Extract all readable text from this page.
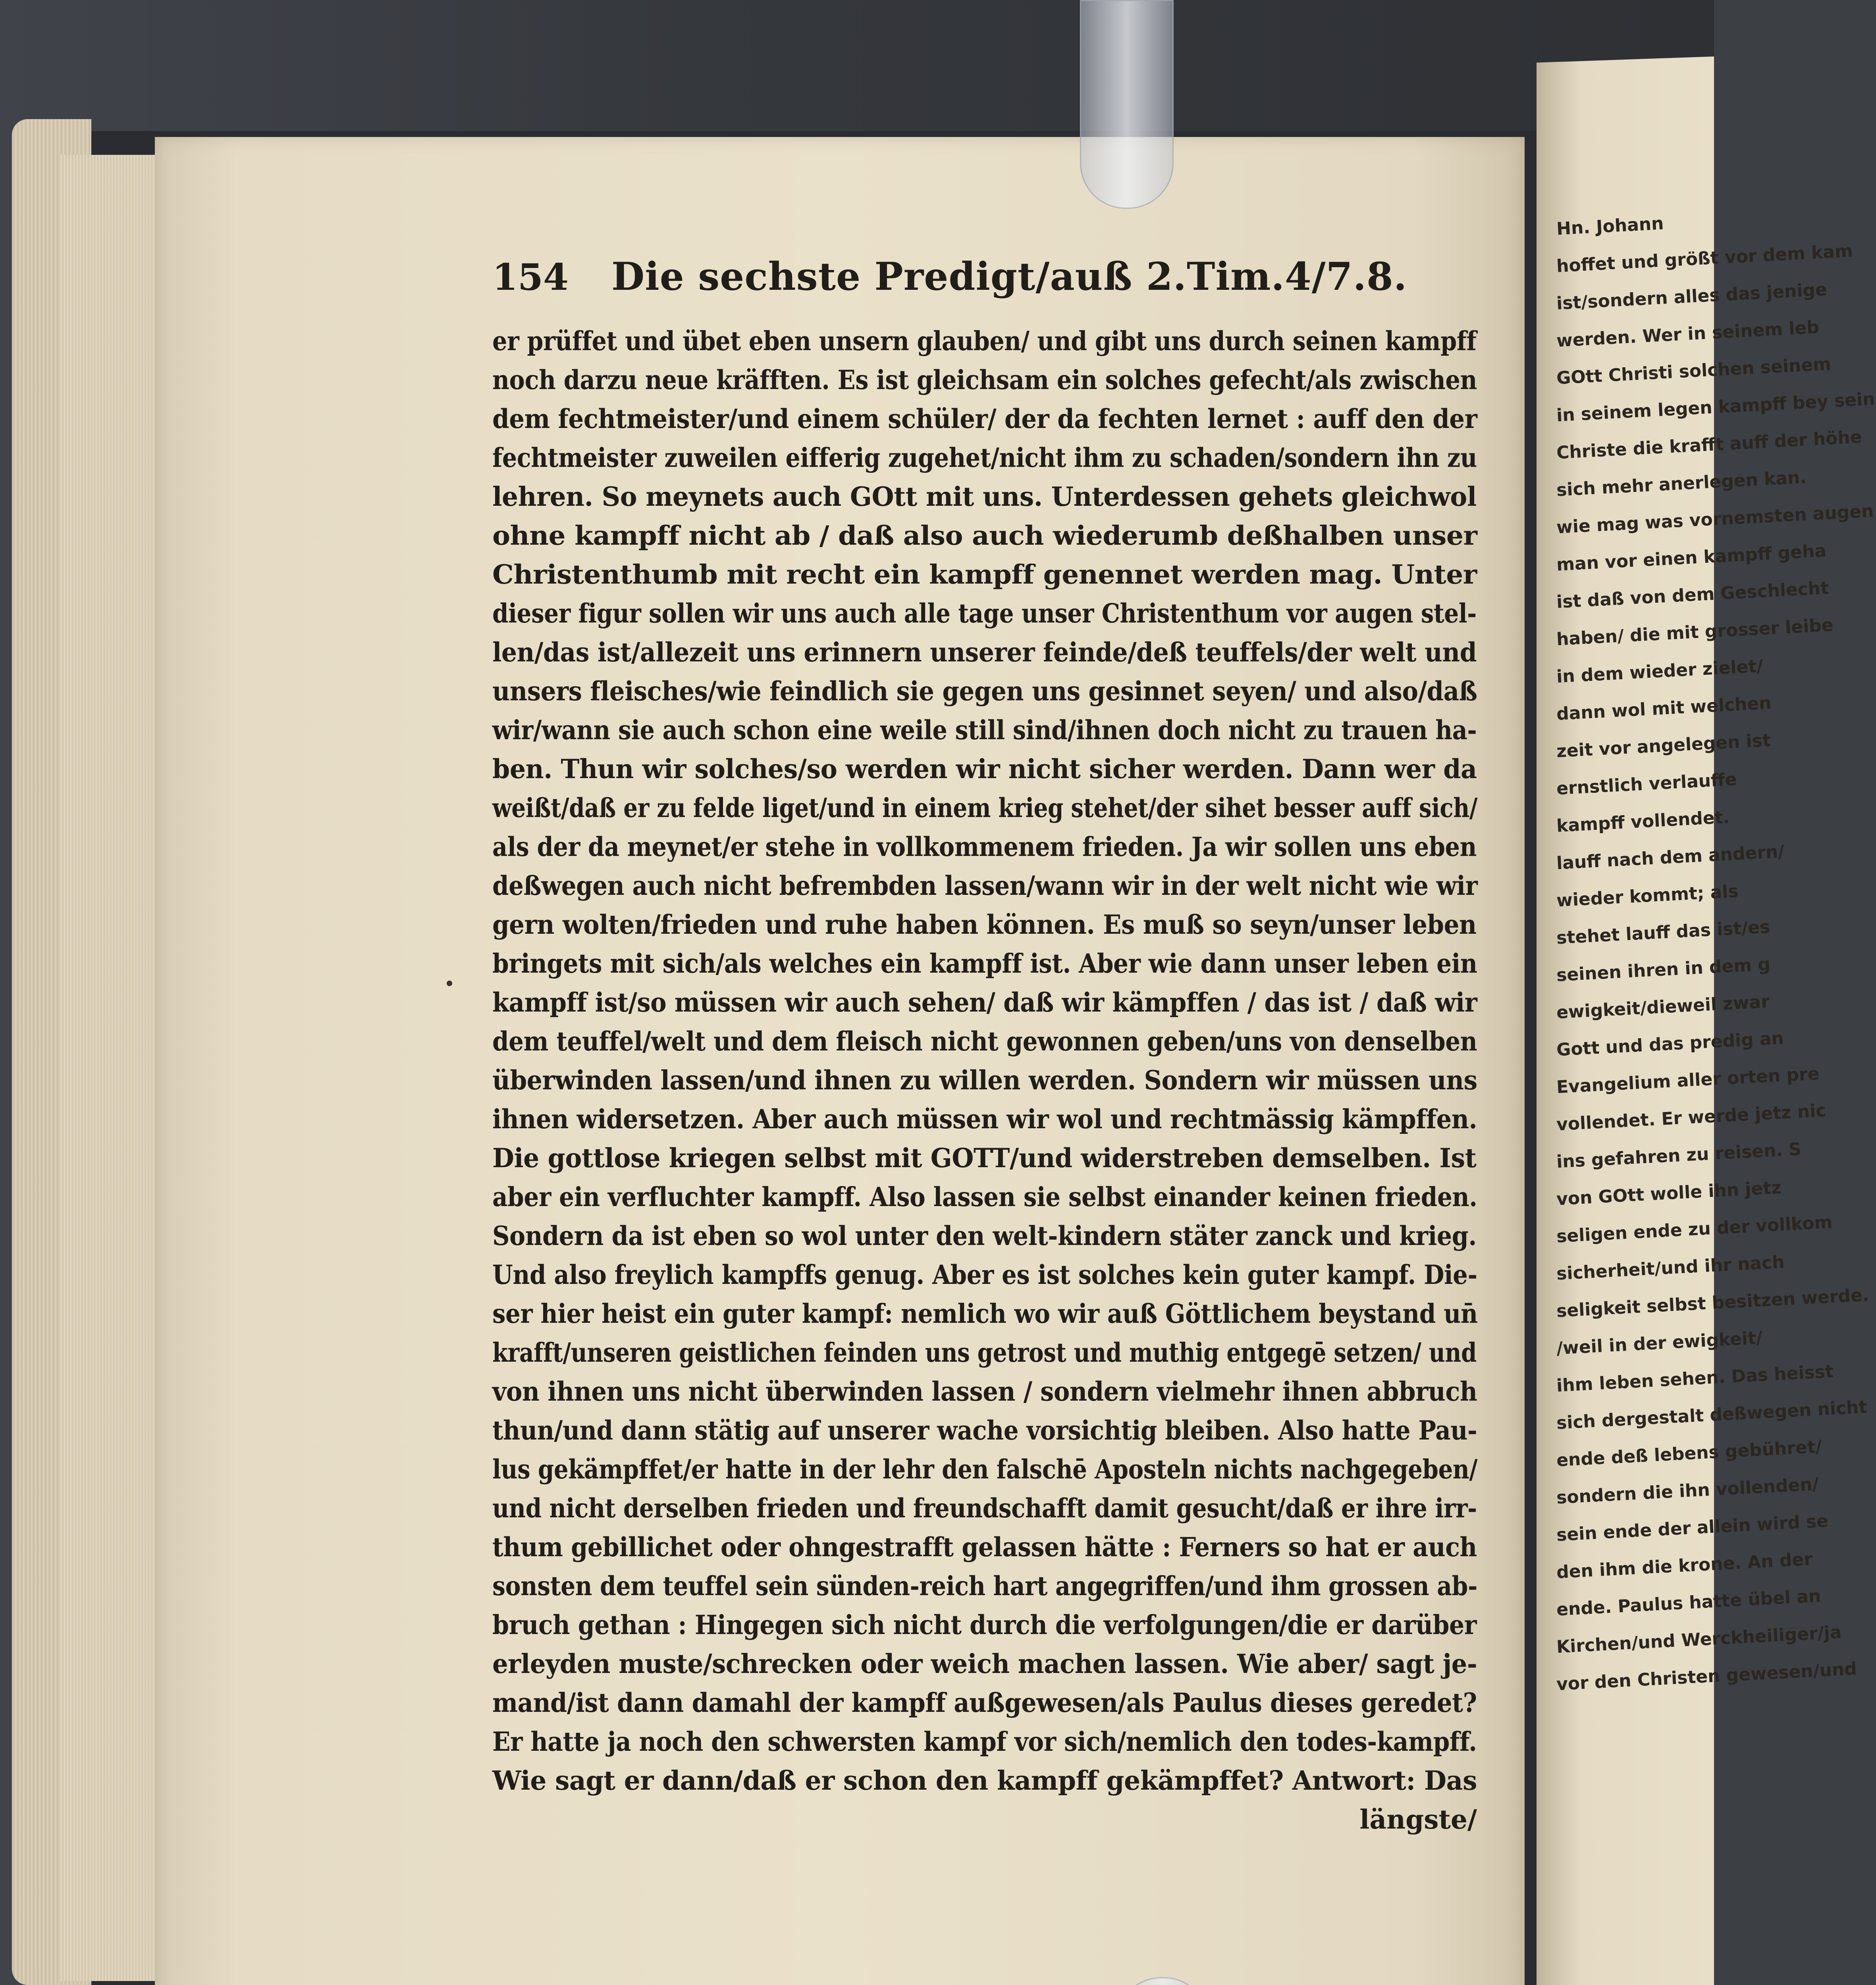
Hn. Johann
hoffet und größt vor dem kam
ist/sondern alles das jenige
werden. Wer in seinem leb
GOtt Christi solchen seinem
in seinem legen kampff bey sein
Christe die krafft auff der höhe
sich mehr anerlegen kan.
wie mag was vornemsten augen
man vor einen kampff geha
ist daß von dem Geschlecht
haben/ die mit grosser leibe
in dem wieder zielet/
dann wol mit welchen
zeit vor angelegen ist
ernstlich verlauffe
kampff vollendet.
lauff nach dem andern/
wieder kommt; als
stehet lauff das ist/es
seinen ihren in dem g
ewigkeit/dieweil zwar
Gott und das predig an
Evangelium aller orten pre
vollendet. Er werde jetz nic
ins gefahren zu reisen. S
von GOtt wolle ihn jetz
seligen ende zu der vollkom
sicherheit/und ihr nach
seligkeit selbst besitzen werde.
/weil in der ewigkeit/
ihm leben sehen. Das heisst
sich dergestalt deßwegen nicht
ende deß lebens gebühret/
sondern die ihn vollenden/
sein ende der allein wird se
den ihm die krone. An der
ende. Paulus hatte übel an
Kirchen/und Werckheiliger/ja
vor den Christen gewesen/und
154	Die sechste Predigt/auß 2.Tim.4/7.8.
er prüffet und übet eben unsern glauben/ und gibt uns durch seinen kampff
noch darzu neue kräfften. Es ist gleichsam ein solches gefecht/als zwischen
dem fechtmeister/und einem schüler/ der da fechten lernet : auff den der
fechtmeister zuweilen eifferig zugehet/nicht ihm zu schaden/sondern ihn zu
lehren. So meynets auch GOtt mit uns. Unterdessen gehets gleichwol
ohne kampff nicht ab / daß also auch wiederumb deßhalben unser
Christenthumb mit recht ein kampff genennet werden mag. Unter
dieser figur sollen wir uns auch alle tage unser Christenthum vor augen stel-
len/das ist/allezeit uns erinnern unserer feinde/deß teuffels/der welt und
unsers fleisches/wie feindlich sie gegen uns gesinnet seyen/ und also/daß
wir/wann sie auch schon eine weile still sind/ihnen doch nicht zu trauen ha-
ben. Thun wir solches/so werden wir nicht sicher werden. Dann wer da
weißt/daß er zu felde liget/und in einem krieg stehet/der sihet besser auff sich/
als der da meynet/er stehe in vollkommenem frieden. Ja wir sollen uns eben
deßwegen auch nicht befrembden lassen/wann wir in der welt nicht wie wir
gern wolten/frieden und ruhe haben können. Es muß so seyn/unser leben
bringets mit sich/als welches ein kampff ist. Aber wie dann unser leben ein
kampff ist/so müssen wir auch sehen/ daß wir kämpffen / das ist / daß wir
dem teuffel/welt und dem fleisch nicht gewonnen geben/uns von denselben
überwinden lassen/und ihnen zu willen werden. Sondern wir müssen uns
ihnen widersetzen. Aber auch müssen wir wol und rechtmässig kämpffen.
Die gottlose kriegen selbst mit GOTT/und widerstreben demselben. Ist
aber ein verfluchter kampff. Also lassen sie selbst einander keinen frieden.
Sondern da ist eben so wol unter den welt-kindern stäter zanck und krieg.
Und also freylich kampffs genug. Aber es ist solches kein guter kampf. Die-
ser hier heist ein guter kampf: nemlich wo wir auß Göttlichem beystand un̄
krafft/unseren geistlichen feinden uns getrost und muthig entgegē setzen/ und
von ihnen uns nicht überwinden lassen / sondern vielmehr ihnen abbruch
thun/und dann stätig auf unserer wache vorsichtig bleiben. Also hatte Pau-
lus gekämpffet/er hatte in der lehr den falschē Aposteln nichts nachgegeben/
und nicht derselben frieden und freundschafft damit gesucht/daß er ihre irr-
thum gebillichet oder ohngestrafft gelassen hätte : Ferners so hat er auch
sonsten dem teuffel sein sünden-reich hart angegriffen/und ihm grossen ab-
bruch gethan : Hingegen sich nicht durch die verfolgungen/die er darüber
erleyden muste/schrecken oder weich machen lassen. Wie aber/ sagt je-
mand/ist dann damahl der kampff außgewesen/als Paulus dieses geredet?
Er hatte ja noch den schwersten kampf vor sich/nemlich den todes-kampff.
Wie sagt er dann/daß er schon den kampff gekämpffet? Antwort: Das
längste/
